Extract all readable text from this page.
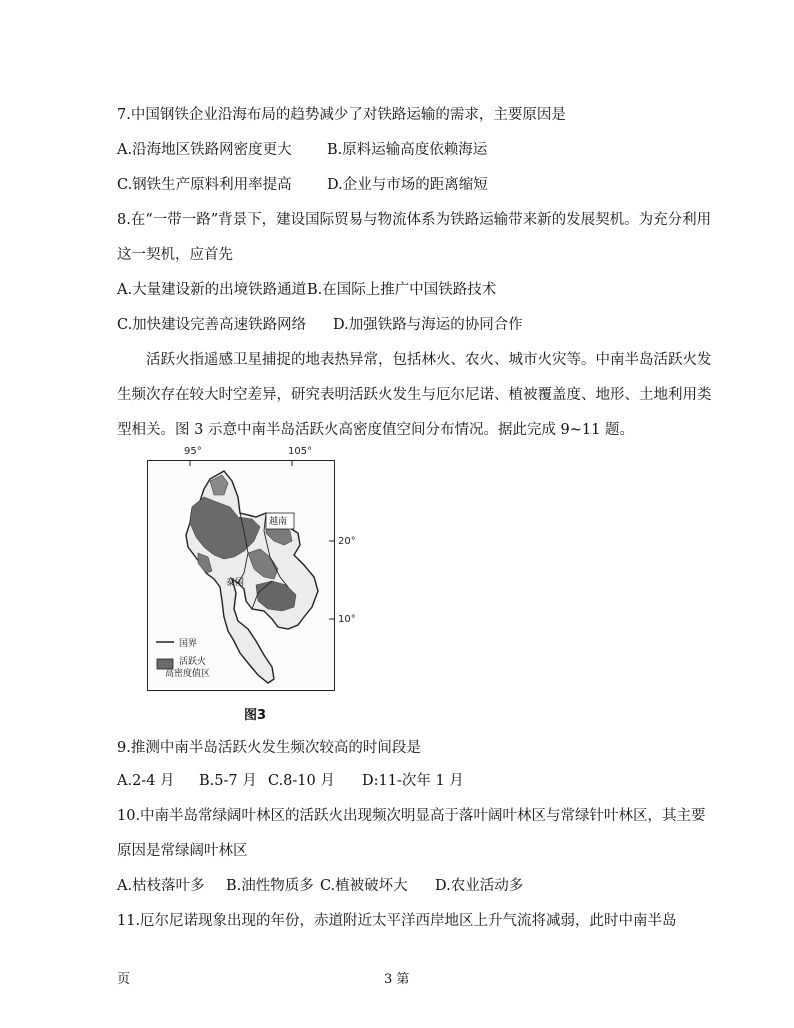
7.中国钢铁企业沿海布局的趋势减少了对铁路运输的需求，主要原因是
A.沿海地区铁路网密度更大 B.原料运输高度依赖海运
C.钢铁生产原料利用率提高 D.企业与市场的距离缩短
8.在“一带一路”背景下，建设国际贸易与物流体系为铁路运输带来新的发展契机。为充分利用
这一契机，应首先
A.大量建设新的出境铁路通道 B.在国际上推广中国铁路技术
C.加快建设完善高速铁路网络 D.加强铁路与海运的协同合作
活跃火指遥感卫星捕捉的地表热异常，包括林火、农火、城市火灾等。中南半岛活跃火发
生频次存在较大时空差异，研究表明活跃火发生与厄尔尼诺、植被覆盖度、地形、土地利用类
型相关。图 3 示意中南半岛活跃火高密度值空间分布情况。据此完成 9~11 题。
95°	105°
20°
10°
越南
泰国
国界
活跃火
高密度值区
图3
9.推测中南半岛活跃火发生频次较高的时间段是
A.2-4 月 B.5-7 月 C.8-10 月 D:11-次年 1 月
10.中南半岛常绿阔叶林区的活跃火出现频次明显高于落叶阔叶林区与常绿针叶林区，其主要
原因是常绿阔叶林区
A.枯枝落叶多 B.油性物质多 C.植被破坏大 D.农业活动多
11.厄尔尼诺现象出现的年份，赤道附近太平洋西岸地区上升气流将减弱，此时中南半岛
页	3 第
